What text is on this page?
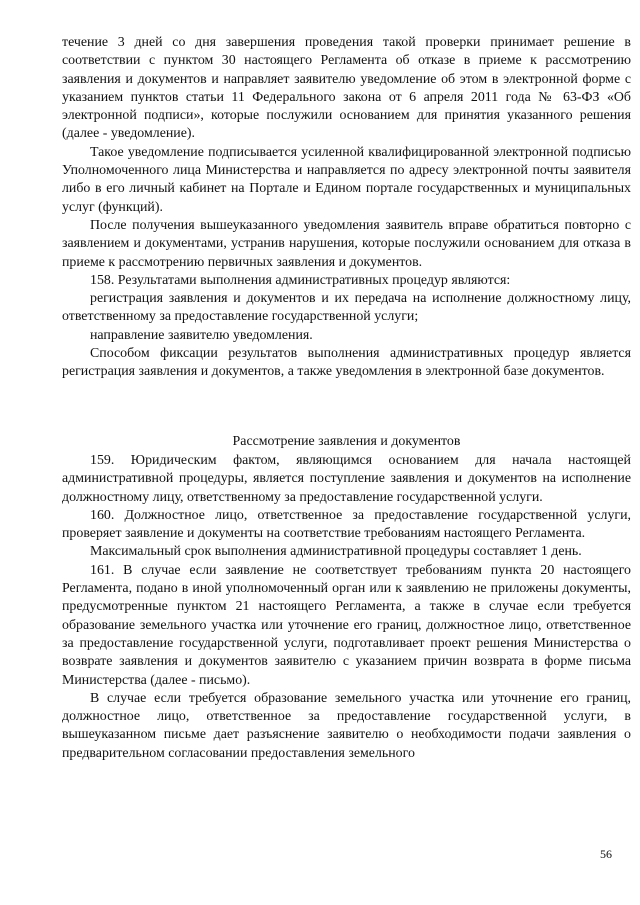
течение 3 дней со дня завершения проведения такой проверки принимает решение в соответствии с пунктом 30 настоящего Регламента об отказе в приеме к рассмотрению заявления и документов и направляет заявителю уведомление об этом в электронной форме с указанием пунктов статьи 11 Федерального закона от 6 апреля 2011 года № 63-ФЗ «Об электронной подписи», которые послужили основанием для принятия указанного решения (далее - уведомление).

Такое уведомление подписывается усиленной квалифицированной электронной подписью Уполномоченного лица Министерства и направляется по адресу электронной почты заявителя либо в его личный кабинет на Портале и Едином портале государственных и муниципальных услуг (функций).

После получения вышеуказанного уведомления заявитель вправе обратиться повторно с заявлением и документами, устранив нарушения, которые послужили основанием для отказа в приеме к рассмотрению первичных заявления и документов.

158. Результатами выполнения административных процедур являются:

регистрация заявления и документов и их передача на исполнение должностному лицу, ответственному за предоставление государственной услуги;

направление заявителю уведомления.

Способом фиксации результатов выполнения административных процедур является регистрация заявления и документов, а также уведомления в электронной базе документов.

Рассмотрение заявления и документов

159. Юридическим фактом, являющимся основанием для начала настоящей административной процедуры, является поступление заявления и документов на исполнение должностному лицу, ответственному за предоставление государственной услуги.

160. Должностное лицо, ответственное за предоставление государственной услуги, проверяет заявление и документы на соответствие требованиям настоящего Регламента.

Максимальный срок выполнения административной процедуры составляет 1 день.

161. В случае если заявление не соответствует требованиям пункта 20 настоящего Регламента, подано в иной уполномоченный орган или к заявлению не приложены документы, предусмотренные пунктом 21 настоящего Регламента, а также в случае если требуется образование земельного участка или уточнение его границ, должностное лицо, ответственное за предоставление государственной услуги, подготавливает проект решения Министерства о возврате заявления и документов заявителю с указанием причин возврата в форме письма Министерства (далее - письмо).

В случае если требуется образование земельного участка или уточнение его границ, должностное лицо, ответственное за предоставление государственной услуги, в вышеуказанном письме дает разъяснение заявителю о необходимости подачи заявления о предварительном согласовании предоставления земельного

56
